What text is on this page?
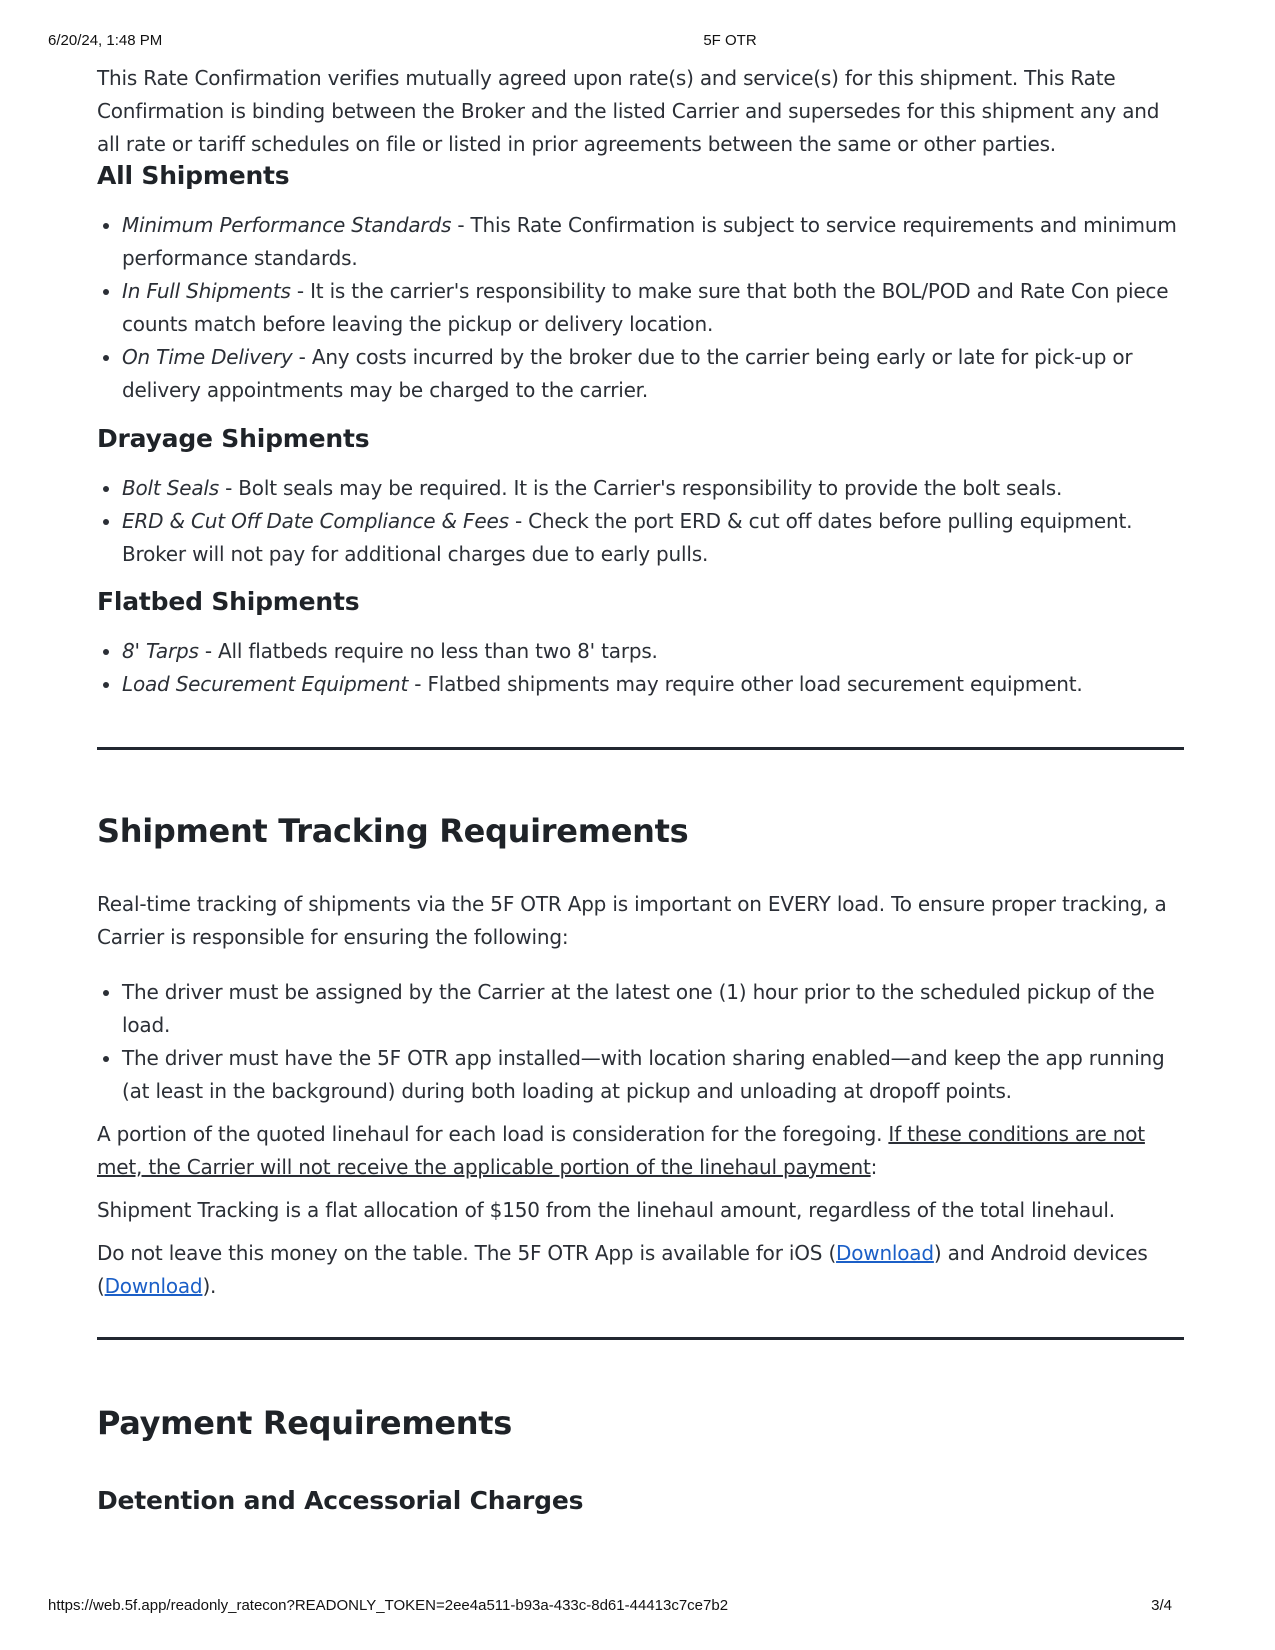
6/20/24, 1:48 PM	5F OTR

This Rate Confirmation verifies mutually agreed upon rate(s) and service(s) for this shipment. This Rate Confirmation is binding between the Broker and the listed Carrier and supersedes for this shipment any and all rate or tariff schedules on file or listed in prior agreements between the same or other parties.

All Shipments
• Minimum Performance Standards - This Rate Confirmation is subject to service requirements and minimum performance standards.
• In Full Shipments - It is the carrier's responsibility to make sure that both the BOL/POD and Rate Con piece counts match before leaving the pickup or delivery location.
• On Time Delivery - Any costs incurred by the broker due to the carrier being early or late for pick-up or delivery appointments may be charged to the carrier.
Drayage Shipments
• Bolt Seals - Bolt seals may be required. It is the Carrier's responsibility to provide the bolt seals.
• ERD & Cut Off Date Compliance & Fees - Check the port ERD & cut off dates before pulling equipment. Broker will not pay for additional charges due to early pulls.
Flatbed Shipments
• 8' Tarps - All flatbeds require no less than two 8' tarps.
• Load Securement Equipment - Flatbed shipments may require other load securement equipment.
Shipment Tracking Requirements

Real-time tracking of shipments via the 5F OTR App is important on EVERY load. To ensure proper tracking, a Carrier is responsible for ensuring the following:

• The driver must be assigned by the Carrier at the latest one (1) hour prior to the scheduled pickup of the load.
• The driver must have the 5F OTR app installed—with location sharing enabled—and keep the app running (at least in the background) during both loading at pickup and unloading at dropoff points.

A portion of the quoted linehaul for each load is consideration for the foregoing. If these conditions are not met, the Carrier will not receive the applicable portion of the linehaul payment:

Shipment Tracking is a flat allocation of $150 from the linehaul amount, regardless of the total linehaul.

Do not leave this money on the table. The 5F OTR App is available for iOS (Download) and Android devices (Download).

Payment Requirements
Detention and Accessorial Charges
https://web.5f.app/readonly_ratecon?READONLY_TOKEN=2ee4a511-b93a-433c-8d61-44413c7ce7b2	3/4
